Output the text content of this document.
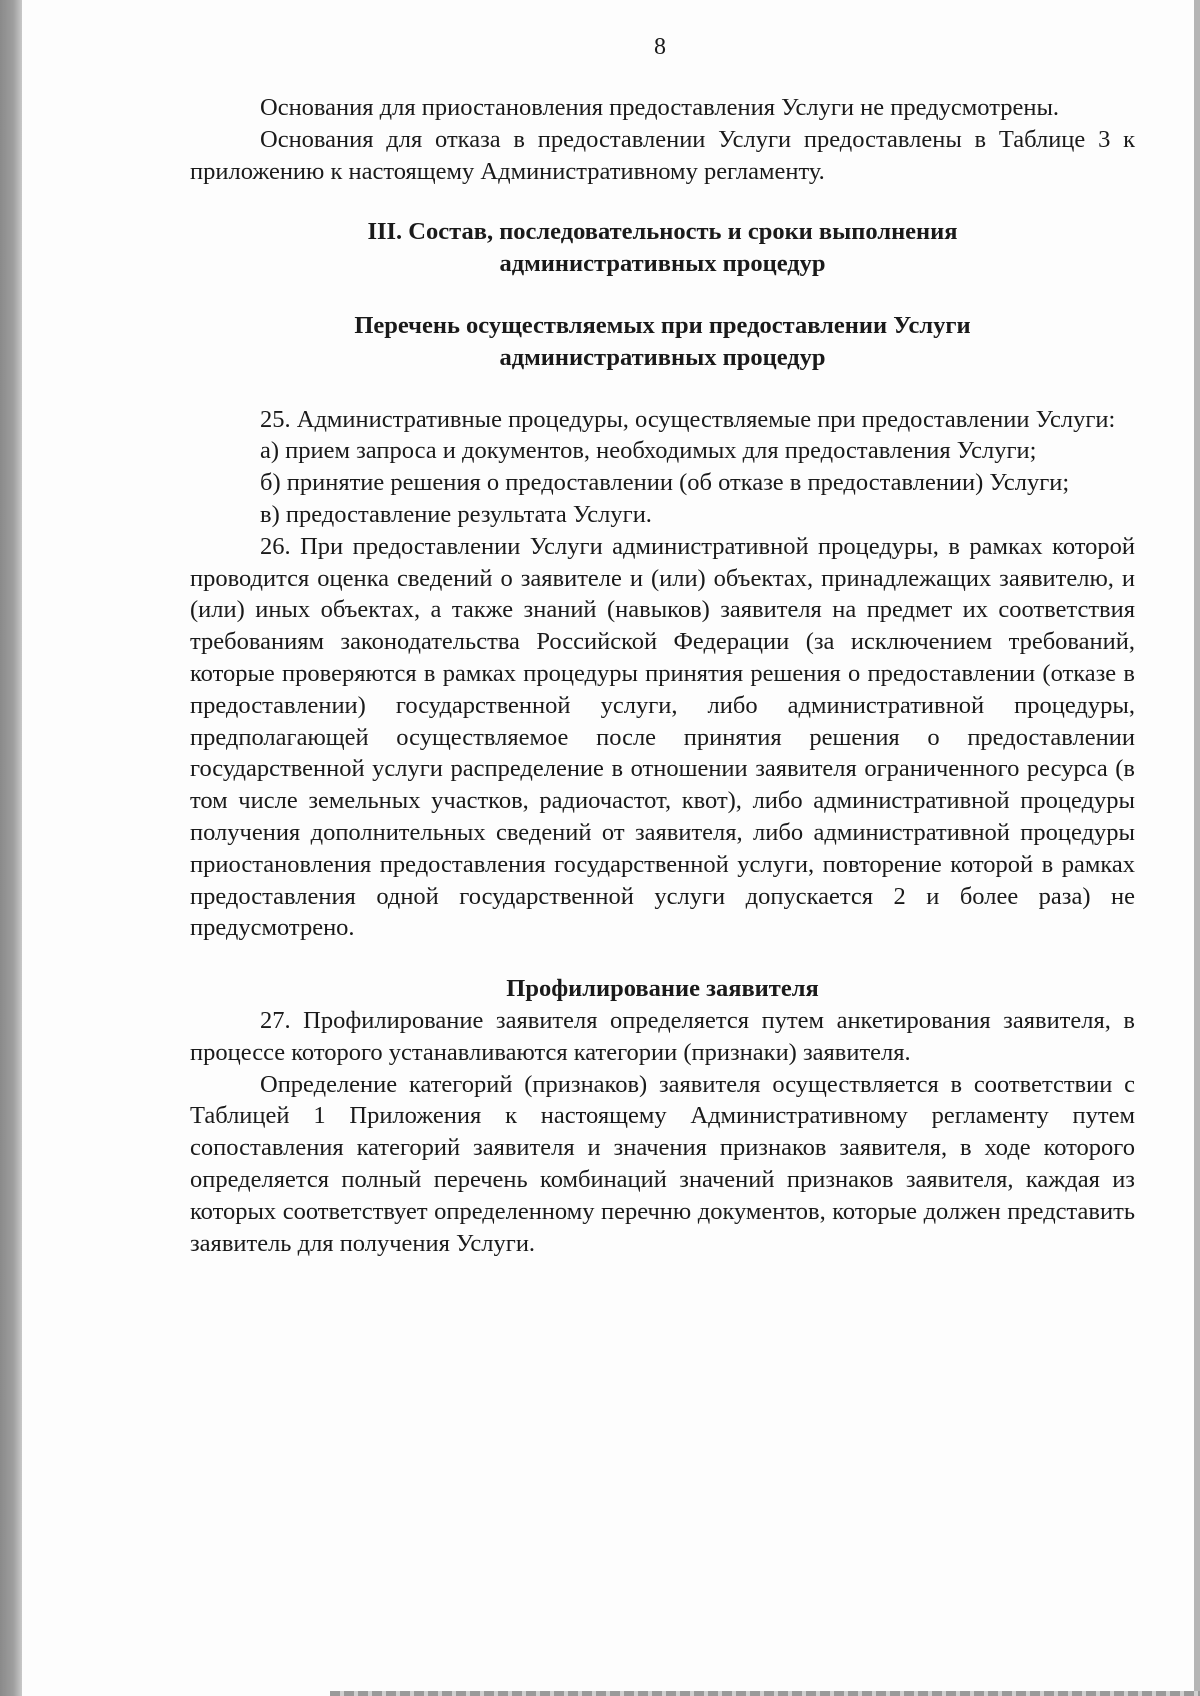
8

Основания для приостановления предоставления Услуги не предусмотрены.

Основания для отказа в предоставлении Услуги предоставлены в Таблице 3 к приложению к настоящему Административному регламенту.

III. Состав, последовательность и сроки выполнения
административных процедур
Перечень осуществляемых при предоставлении Услуги
административных процедур

25. Административные процедуры, осуществляемые при предоставлении Услуги:

а) прием запроса и документов, необходимых для предоставления Услуги;

б) принятие решения о предоставлении (об отказе в предоставлении) Услуги;

в) предоставление результата Услуги.

26. При предоставлении Услуги административной процедуры, в рамках которой проводится оценка сведений о заявителе и (или) объектах, принадлежащих заявителю, и (или) иных объектах, а также знаний (навыков) заявителя на предмет их соответствия требованиям законодательства Российской Федерации (за исключением требований, которые проверяются в рамках процедуры принятия решения о предоставлении (отказе в предоставлении) государственной услуги, либо административной процедуры, предполагающей осуществляемое после принятия решения о предоставлении государственной услуги распределение в отношении заявителя ограниченного ресурса (в том числе земельных участков, радиочастот, квот), либо административной процедуры получения дополнительных сведений от заявителя, либо административной процедуры приостановления предоставления государственной услуги, повторение которой в рамках предоставления одной государственной услуги допускается 2 и более раза) не предусмотрено.

Профилирование заявителя

27. Профилирование заявителя определяется путем анкетирования заявителя, в процессе которого устанавливаются категории (признаки) заявителя.

Определение категорий (признаков) заявителя осуществляется в соответствии с Таблицей 1 Приложения к настоящему Административному регламенту путем сопоставления категорий заявителя и значения признаков заявителя, в ходе которого определяется полный перечень комбинаций значений признаков заявителя, каждая из которых соответствует определенному перечню документов, которые должен представить заявитель для получения Услуги.
